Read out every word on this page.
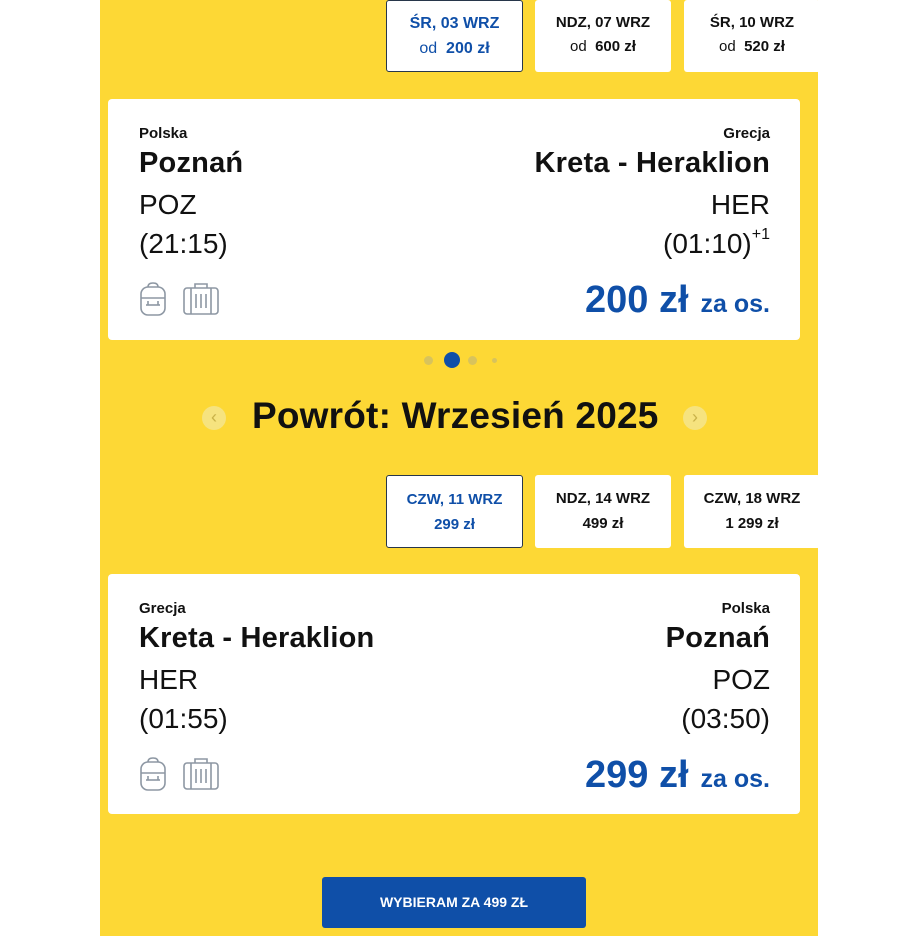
ŚR, 03 WRZ
od 200 zł
NDZ, 07 WRZ
od 600 zł
ŚR, 10 WRZ
od 520 zł
Polska
Poznań
POZ
(21:15)
Grecja
Kreta - Heraklion
HER
(01:10)$^{+1}$
200 zł za os.
‹ Powrót: Wrzesień 2025	›
CZW, 11 WRZ
299 zł
NDZ, 14 WRZ
499 zł
CZW, 18 WRZ
1 299 zł
Grecja
Kreta - Heraklion
HER
(01:55)
Polska
Poznań
POZ
(03:50)
299 zł za os.
WYBIERAM ZA 499 ZŁ
